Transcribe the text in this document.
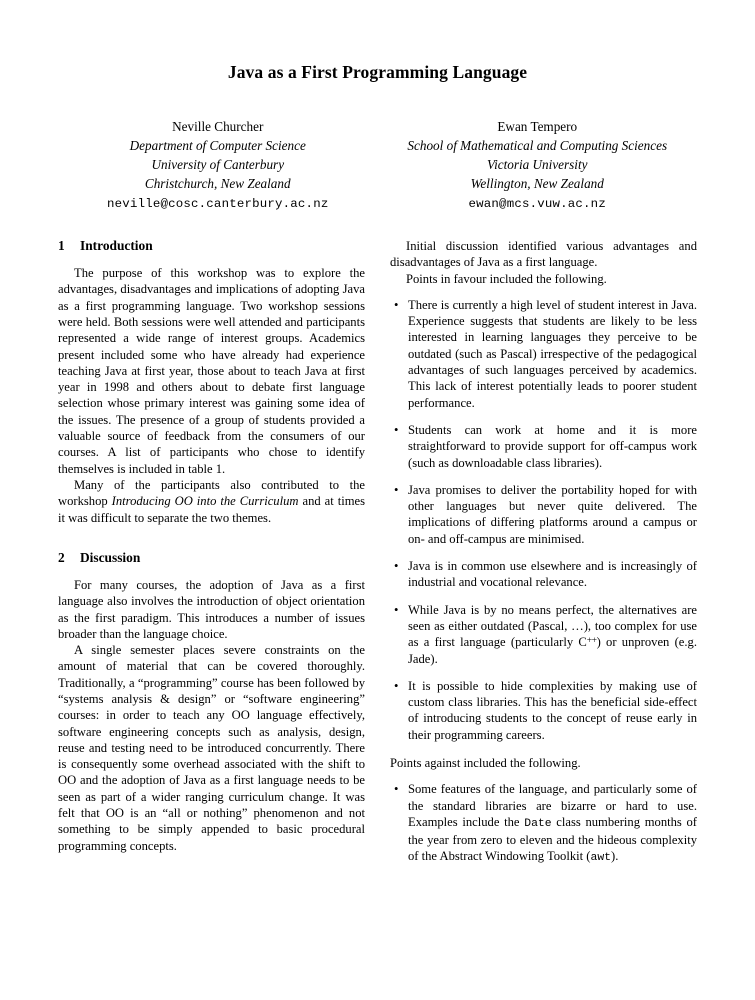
Java as a First Programming Language
Neville Churcher
Department of Computer Science
University of Canterbury
Christchurch, New Zealand
neville@cosc.canterbury.ac.nz
Ewan Tempero
School of Mathematical and Computing Sciences
Victoria University
Wellington, New Zealand
ewan@mcs.vuw.ac.nz
1 Introduction

The purpose of this workshop was to explore the advantages, disadvantages and implications of adopting Java as a first programming language. Two workshop sessions were held. Both sessions were well attended and participants represented a wide range of interest groups. Academics present included some who have already had experience teaching Java at first year, those about to teach Java at first year in 1998 and others about to debate first language selection whose primary interest was gaining some idea of the issues. The presence of a group of students provided a valuable source of feedback from the consumers of our courses. A list of participants who chose to identify themselves is included in table 1.

Many of the participants also contributed to the workshop Introducing OO into the Curriculum and at times it was difficult to separate the two themes.

2 Discussion

For many courses, the adoption of Java as a first language also involves the introduction of object orientation as the first paradigm. This introduces a number of issues broader than the language choice.

A single semester places severe constraints on the amount of material that can be covered thoroughly. Traditionally, a “programming” course has been followed by “systems analysis & design” or “software engineering” courses: in order to teach any OO language effectively, software engineering concepts such as analysis, design, reuse and testing need to be introduced concurrently. There is consequently some overhead associated with the shift to OO and the adoption of Java as a first language needs to be seen as part of a wider ranging curriculum change. It was felt that OO is an “all or nothing” phenomenon and not something to be simply appended to basic procedural programming concepts.

Initial discussion identified various advantages and disadvantages of Java as a first language.

Points in favour included the following.

• There is currently a high level of student interest in Java. Experience suggests that students are likely to be less interested in learning languages they perceive to be outdated (such as Pascal) irrespective of the pedagogical advantages of such languages perceived by academics. This lack of interest potentially leads to poorer student performance.
• Students can work at home and it is more straightforward to provide support for off-campus work (such as downloadable class libraries).
• Java promises to deliver the portability hoped for with other languages but never quite delivered. The implications of differing platforms around a campus or on- and off-campus are minimised.
• Java is in common use elsewhere and is increasingly of industrial and vocational relevance.
• While Java is by no means perfect, the alternatives are seen as either outdated (Pascal, …), too complex for use as a first language (particularly C++) or unproven (e.g. Jade).
• It is possible to hide complexities by making use of custom class libraries. This has the beneficial side-effect of introducing students to the concept of reuse early in their programming careers.

Points against included the following.

• Some features of the language, and particularly some of the standard libraries are bizarre or hard to use. Examples include the Date class numbering months of the year from zero to eleven and the hideous complexity of the Abstract Windowing Toolkit (awt).
